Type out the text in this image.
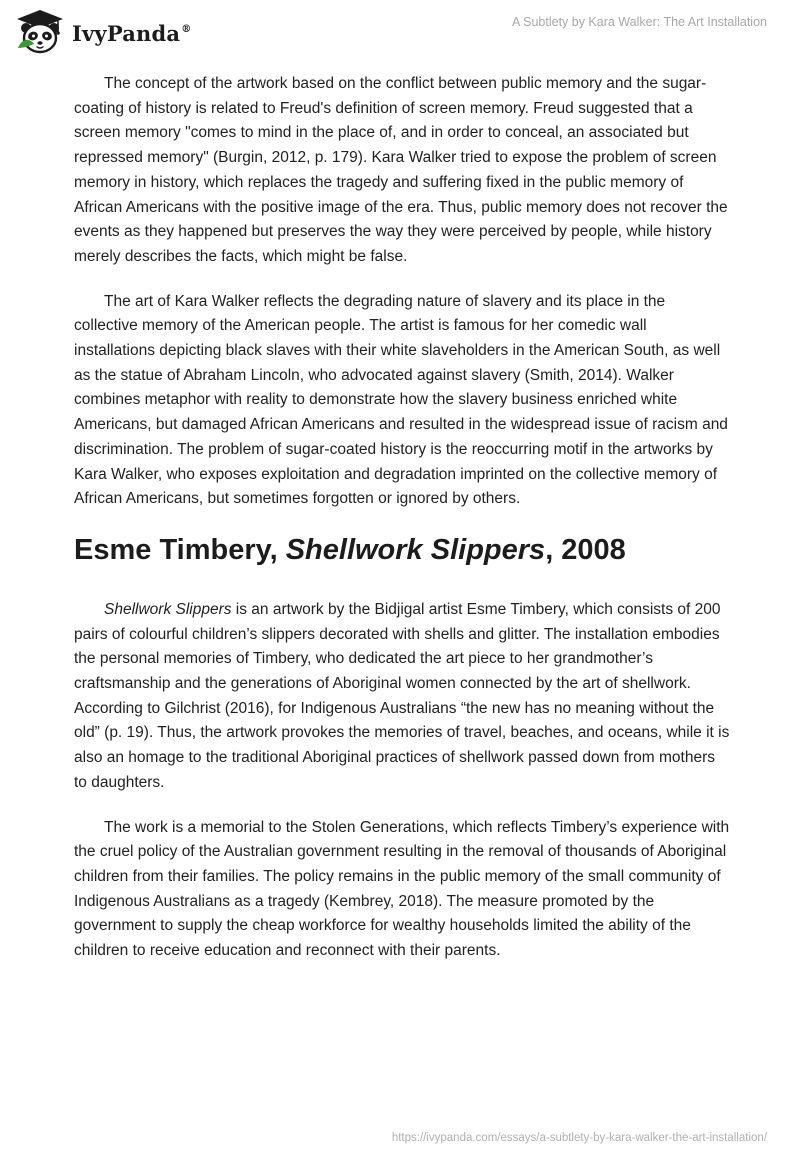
IvyPanda®	A Subtlety by Kara Walker: The Art Installation

The concept of the artwork based on the conflict between public memory and the sugar-coating of history is related to Freud's definition of screen memory. Freud suggested that a screen memory "comes to mind in the place of, and in order to conceal, an associated but repressed memory" (Burgin, 2012, p. 179). Kara Walker tried to expose the problem of screen memory in history, which replaces the tragedy and suffering fixed in the public memory of African Americans with the positive image of the era. Thus, public memory does not recover the events as they happened but preserves the way they were perceived by people, while history merely describes the facts, which might be false.

The art of Kara Walker reflects the degrading nature of slavery and its place in the collective memory of the American people. The artist is famous for her comedic wall installations depicting black slaves with their white slaveholders in the American South, as well as the statue of Abraham Lincoln, who advocated against slavery (Smith, 2014). Walker combines metaphor with reality to demonstrate how the slavery business enriched white Americans, but damaged African Americans and resulted in the widespread issue of racism and discrimination. The problem of sugar-coated history is the reoccurring motif in the artworks by Kara Walker, who exposes exploitation and degradation imprinted on the collective memory of African Americans, but sometimes forgotten or ignored by others.

Esme Timbery, Shellwork Slippers, 2008

Shellwork Slippers is an artwork by the Bidjigal artist Esme Timbery, which consists of 200 pairs of colourful children’s slippers decorated with shells and glitter. The installation embodies the personal memories of Timbery, who dedicated the art piece to her grandmother’s craftsmanship and the generations of Aboriginal women connected by the art of shellwork. According to Gilchrist (2016), for Indigenous Australians “the new has no meaning without the old” (p. 19). Thus, the artwork provokes the memories of travel, beaches, and oceans, while it is also an homage to the traditional Aboriginal practices of shellwork passed down from mothers to daughters.

The work is a memorial to the Stolen Generations, which reflects Timbery’s experience with the cruel policy of the Australian government resulting in the removal of thousands of Aboriginal children from their families. The policy remains in the public memory of the small community of Indigenous Australians as a tragedy (Kembrey, 2018). The measure promoted by the government to supply the cheap workforce for wealthy households limited the ability of the children to receive education and reconnect with their parents.

https://ivypanda.com/essays/a-subtlety-by-kara-walker-the-art-installation/
